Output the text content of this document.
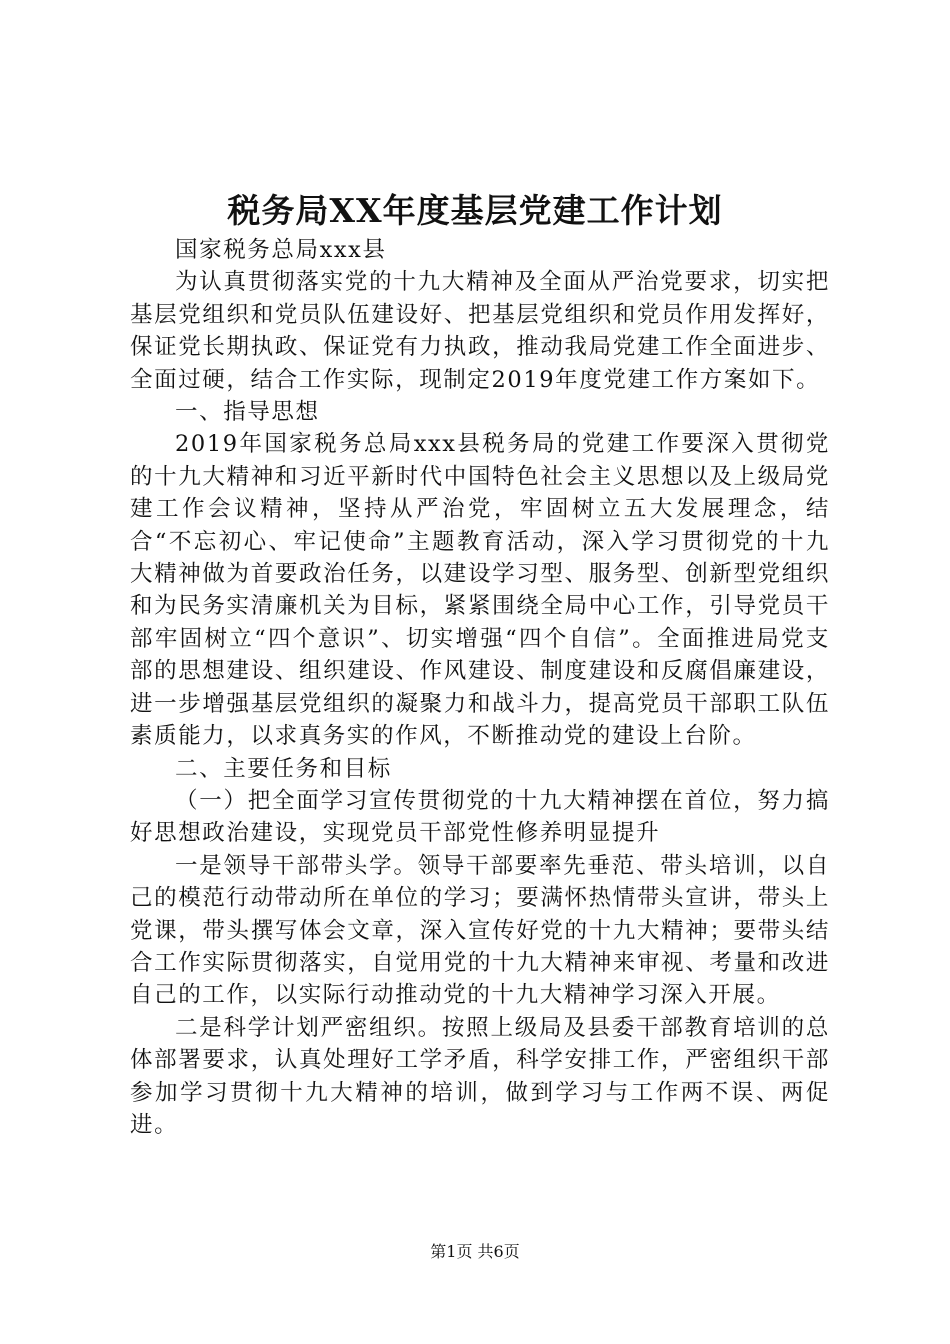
税务局XX年度基层党建工作计划

国家税务总局xxx县

为认真贯彻落实党的十九大精神及全面从严治党要求，切实把基层党组织和党员队伍建设好、把基层党组织和党员作用发挥好，保证党长期执政、保证党有力执政，推动我局党建工作全面进步、全面过硬，结合工作实际，现制定2019年度党建工作方案如下。

一、指导思想

2019年国家税务总局xxx县税务局的党建工作要深入贯彻党的十九大精神和习近平新时代中国特色社会主义思想以及上级局党建工作会议精神，坚持从严治党，牢固树立五大发展理念，结合“不忘初心、牢记使命”主题教育活动，深入学习贯彻党的十九大精神做为首要政治任务，以建设学习型、服务型、创新型党组织和为民务实清廉机关为目标，紧紧围绕全局中心工作，引导党员干部牢固树立“四个意识”、切实增强“四个自信”。全面推进局党支部的思想建设、组织建设、作风建设、制度建设和反腐倡廉建设，进一步增强基层党组织的凝聚力和战斗力，提高党员干部职工队伍素质能力，以求真务实的作风，不断推动党的建设上台阶。

二、主要任务和目标

（一）把全面学习宣传贯彻党的十九大精神摆在首位，努力搞好思想政治建设，实现党员干部党性修养明显提升

一是领导干部带头学。领导干部要率先垂范、带头培训，以自己的模范行动带动所在单位的学习；要满怀热情带头宣讲，带头上党课，带头撰写体会文章，深入宣传好党的十九大精神；要带头结合工作实际贯彻落实，自觉用党的十九大精神来审视、考量和改进自己的工作，以实际行动推动党的十九大精神学习深入开展。

二是科学计划严密组织。按照上级局及县委干部教育培训的总体部署要求，认真处理好工学矛盾，科学安排工作，严密组织干部参加学习贯彻十九大精神的培训，做到学习与工作两不误、两促进。

第1页 共6页
